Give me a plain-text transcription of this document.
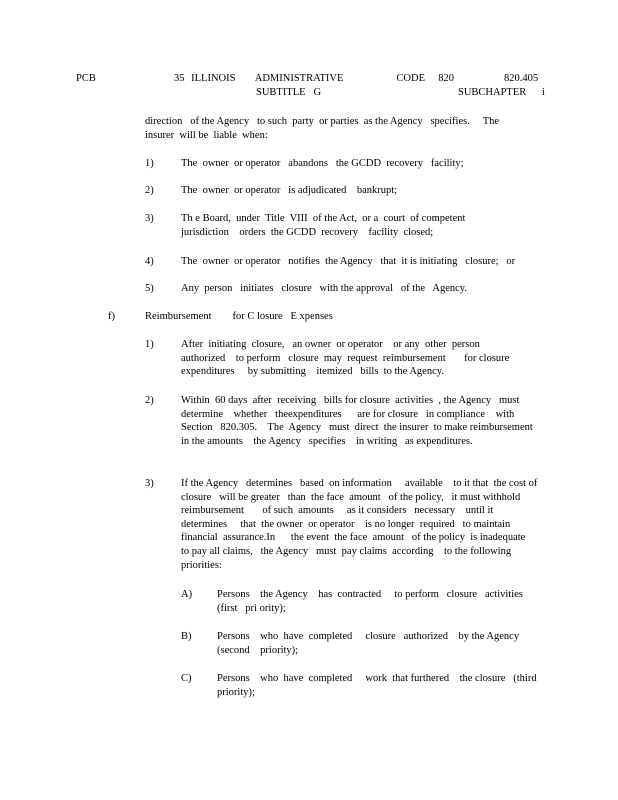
PCB	35 ILLINOIS   ADMINISTRATIVE        CODE  820
SUBTITLE   G
820.405
SUBCHAPTER      i
direction   of the Agency   to such  party  or parties  as the Agency   specifies.     The insurer  will be  liable  when:
1)	The  owner  or operator   abandons   the GCDD  recovery   facility;
2)	The  owner  or operator   is adjudicated    bankrupt;
3)	Th e Board,  under  Title  VIII  of the Act,  or a  court  of competent jurisdiction    orders  the GCDD  recovery    facility  closed;
4)	The  owner  or operator   notifies  the Agency   that  it is initiating   closure;   or
5)	Any  person   initiates   closure   with the approval   of the   Agency.
f)	Reimbursement        for C losure   E xpenses
1)	After  initiating  closure,   an owner  or operator    or any  other  person authorized    to perform   closure  may  request  reimbursement       for closure expenditures     by submitting    itemized   bills  to the Agency.
2)	Within  60 days  after  receiving   bills for closure  activities  , the Agency   must determine    whether   theexpenditures      are for closure   in compliance    with Section   820.305.    The  Agency   must  direct  the insurer  to make reimbursement      in the amounts    the Agency   specifies    in writing   as expenditures.
3)	If the Agency   determines   based  on information     available    to it that  the cost of closure   will be greater   than  the face  amount   of the policy,   it must withhold   reimbursement       of such  amounts     as it considers   necessary    until it determines     that  the owner  or operator    is no longer  required   to maintain financial  assurance.In      the event  the face  amount   of the policy  is inadequate     to pay all claims,   the Agency   must  pay claims  according    to the following    priorities:
A) Persons    the Agency    has  contracted     to perform   closure   activities (first   pri ority);
B) Persons    who  have  completed     closure   authorized    by the Agency (second    priority);
C) Persons    who  have  completed     work  that furthered    the closure   (third priority);
